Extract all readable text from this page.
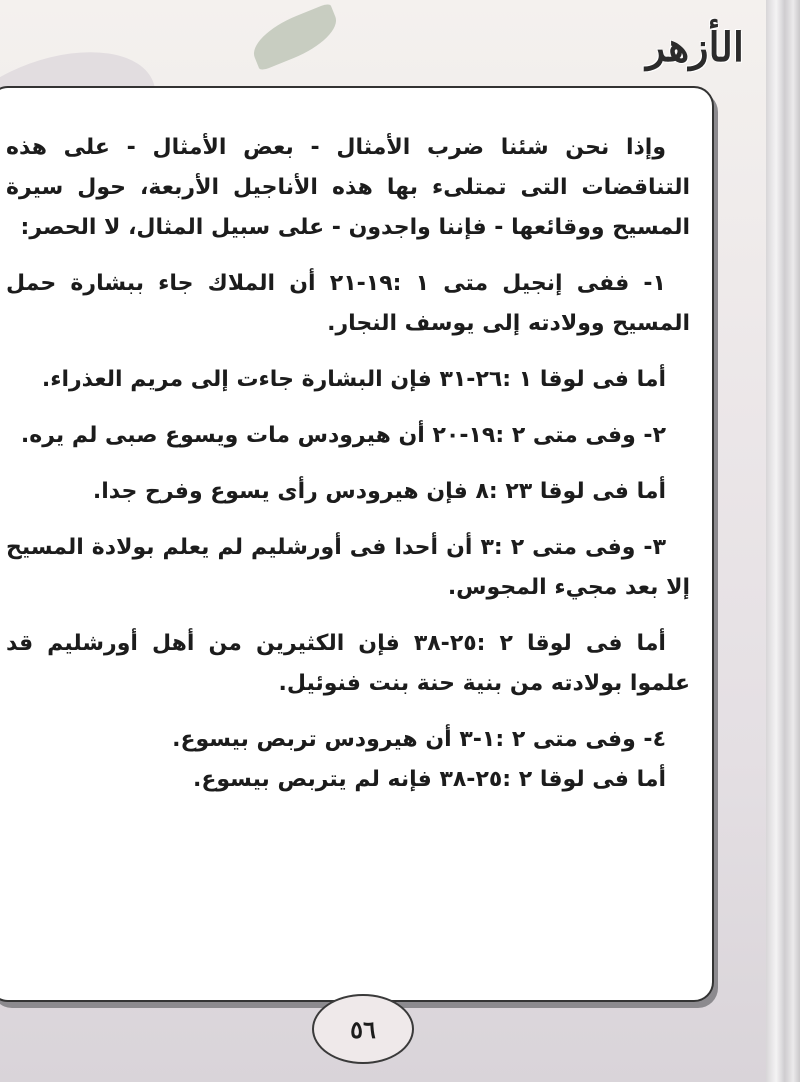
الأزهر

وإذا نحن شئنا ضرب الأمثال - بعض الأمثال - على هذه التناقضات التى تمتلىء بها هذه الأناجيل الأربعة، حول سيرة المسيح ووقائعها - فإننا واجدون - على سبيل المثال، لا الحصر:

١- ففى إنجيل متى ١ :١٩-٢١ أن الملاك جاء ببشارة حمل المسيح وولادته إلى يوسف النجار.

أما فى لوقا ١ :٢٦-٣١ فإن البشارة جاءت إلى مريم العذراء.

٢- وفى متى ٢ :١٩-٢٠ أن هيرودس مات ويسوع صبى لم يره.

أما فى لوقا ٢٣ :٨ فإن هيرودس رأى يسوع وفرح جدا.

٣- وفى متى ٢ :٣ أن أحدا فى أورشليم لم يعلم بولادة المسيح إلا بعد مجيء المجوس.

أما فى لوقا ٢ :٢٥-٣٨ فإن الكثيرين من أهل أورشليم قد علموا بولادته من بنية حنة بنت فنوئيل.

٤- وفى متى ٢ :١-٣ أن هيرودس تربص بيسوع.

أما فى لوقا ٢ :٢٥-٣٨ فإنه لم يتربص بيسوع.

٥٦
